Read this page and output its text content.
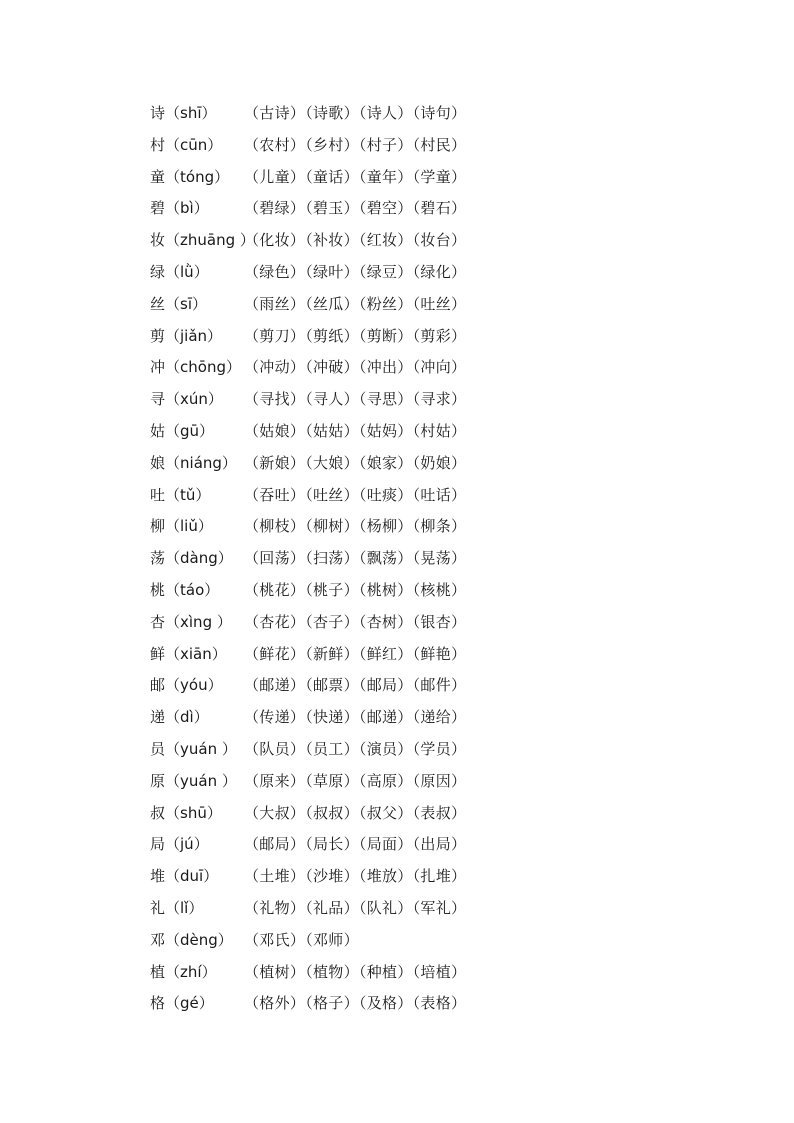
诗（shī） （古诗）（诗歌）（诗人）（诗句）
村（cūn） （农村）（乡村）（村子）（村民）
童（tóng） （儿童）（童话）（童年）（学童）
碧（bì） （碧绿）（碧玉）（碧空）（碧石）
妆（zhuāng ）
（化妆）（补妆）（红妆）（妆台）
绿（lǜ） （绿色）（绿叶）（绿豆）（绿化）
丝（sī） （雨丝）（丝瓜）（粉丝）（吐丝）
剪（jiǎn） （剪刀）（剪纸）（剪断）（剪彩）
冲（chōng） （冲动）（冲破）（冲出）（冲向）
寻（xún） （寻找）（寻人）（寻思）（寻求）
姑（gū） （姑娘）（姑姑）（姑妈）（村姑）
娘（niáng） （新娘）（大娘）（娘家）（奶娘）
吐（tǔ） （吞吐）（吐丝）（吐痰）（吐话）
柳（liǔ） （柳枝）（柳树）（杨柳）（柳条）
荡（dàng） （回荡）（扫荡）（飘荡）（晃荡）
桃（táo） （桃花）（桃子）（桃树）（核桃）
杏（xìng ） （杏花）（杏子）（杏树）（银杏）
鲜（xiān） （鲜花）（新鲜）（鲜红）（鲜艳）
邮（yóu） （邮递）（邮票）（邮局）（邮件）
递（dì） （传递）（快递）（邮递）（递给）
员（yuán ） （队员）（员工）（演员）（学员）
原（yuán ） （原来）（草原）（高原）（原因）
叔（shū） （大叔）（叔叔）（叔父）（表叔）
局（jú） （邮局）（局长）（局面）（出局）
堆（duī） （土堆）（沙堆）（堆放）（扎堆）
礼（lǐ）	（礼物）（礼品）（队礼）（军礼）
邓（dèng） （邓氏）（邓师）
植（zhí） （植树）（植物）（种植）（培植）
格（gé） （格外）（格子）（及格）（表格）
